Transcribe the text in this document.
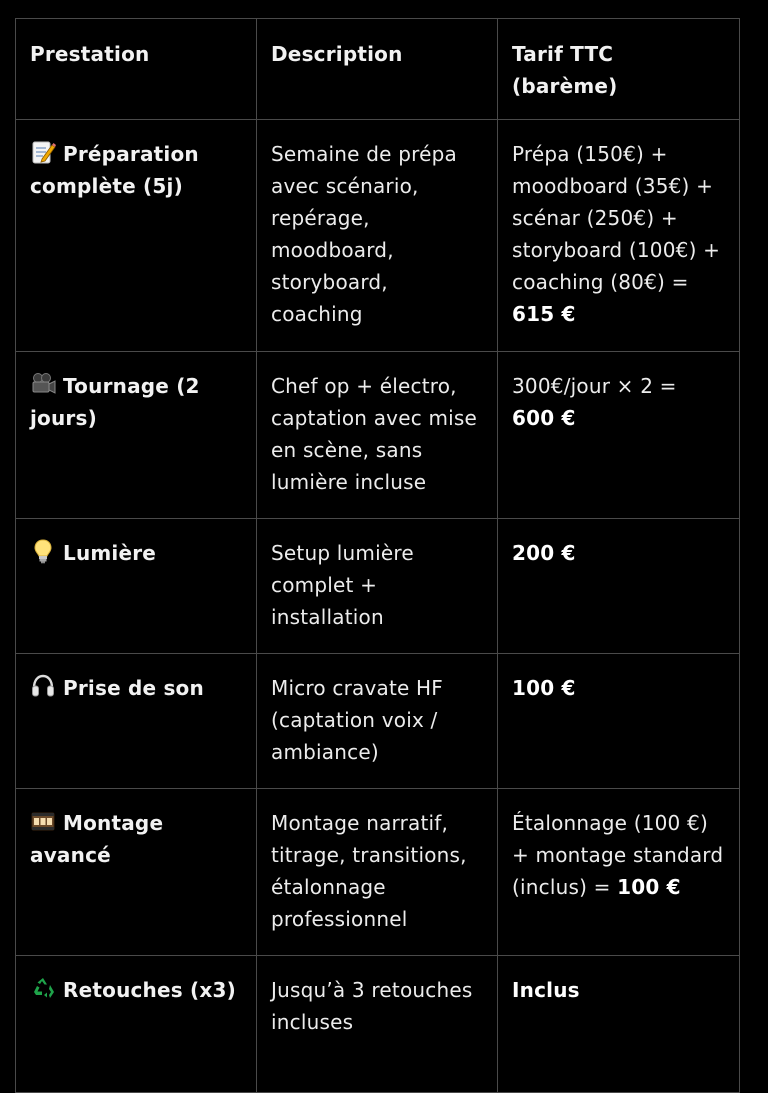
Prestation	Description	Tarif TTC (barème)

Préparation complète (5j)	Semaine de prépa avec scénario, repérage, moodboard, storyboard, coaching	Prépa (150€) + moodboard (35€) + scénar (250€) + storyboard (100€) + coaching (80€) = 615 €

Tournage (2 jours)	Chef op + électro, captation avec mise en scène, sans lumière incluse	300€/jour × 2 = 600 €

Lumière	Setup lumière complet + installation	200 €

Prise de son	Micro cravate HF (captation voix / ambiance)	100 €

Montage avancé	Montage narratif, titrage, transitions, étalonnage professionnel	Étalonnage (100 €) + montage standard (inclus) = 100 €

Retouches (x3)	Jusqu’à 3 retouches incluses	Inclus
